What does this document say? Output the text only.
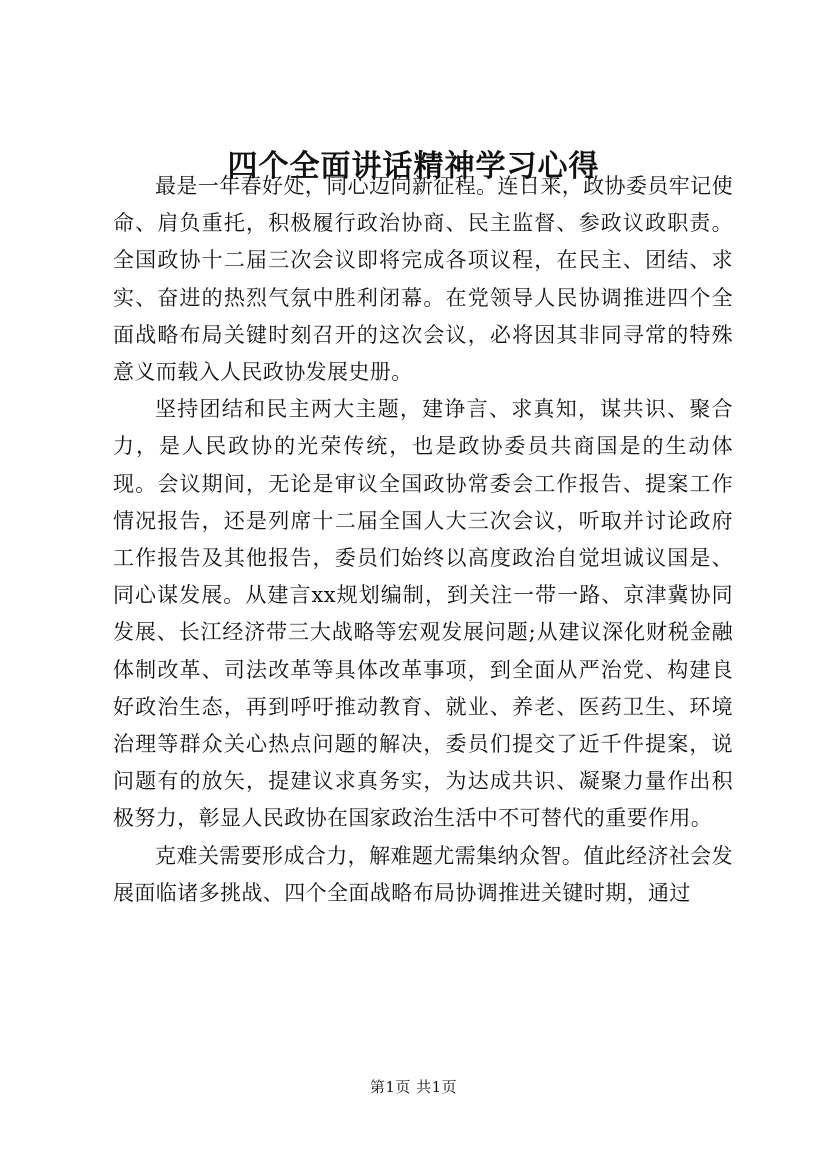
四个全面讲话精神学习心得

最是一年春好处，同心迈向新征程。连日来，政协委员牢记使命、肩负重托，积极履行政治协商、民主监督、参政议政职责。全国政协十二届三次会议即将完成各项议程，在民主、团结、求实、奋进的热烈气氛中胜利闭幕。在党领导人民协调推进四个全面战略布局关键时刻召开的这次会议，必将因其非同寻常的特殊意义而载入人民政协发展史册。

坚持团结和民主两大主题，建诤言、求真知，谋共识、聚合力，是人民政协的光荣传统，也是政协委员共商国是的生动体现。会议期间，无论是审议全国政协常委会工作报告、提案工作情况报告，还是列席十二届全国人大三次会议，听取并讨论政府工作报告及其他报告，委员们始终以高度政治自觉坦诚议国是、同心谋发展。从建言xx规划编制，到关注一带一路、京津冀协同发展、长江经济带三大战略等宏观发展问题;从建议深化财税金融体制改革、司法改革等具体改革事项，到全面从严治党、构建良好政治生态，再到呼吁推动教育、就业、养老、医药卫生、环境治理等群众关心热点问题的解决，委员们提交了近千件提案，说问题有的放矢，提建议求真务实，为达成共识、凝聚力量作出积极努力，彰显人民政协在国家政治生活中不可替代的重要作用。

克难关需要形成合力，解难题尤需集纳众智。值此经济社会发展面临诸多挑战、四个全面战略布局协调推进关键时期，通过

第1页 共1页
